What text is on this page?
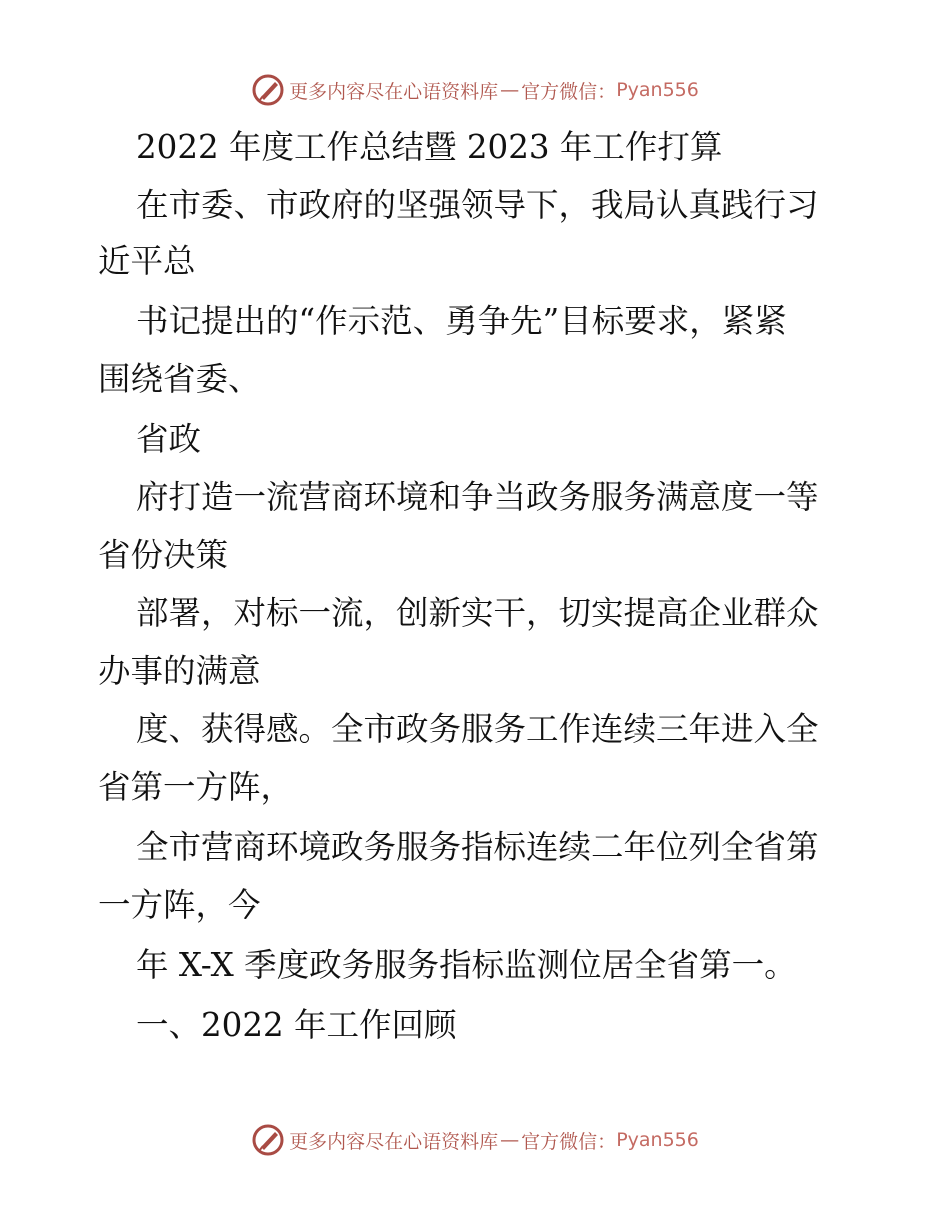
更多内容尽在心语资料库 — 官方微信 ： Pyan556
2022 年度工作总结暨 2023 年工作打算
在市委、市政府的坚强领导下，我局认真践行习
近平总
书记提出的“作示范、勇争先”目标要求，紧紧
围绕省委、
省政
府打造一流营商环境和争当政务服务满意度一等
省份决策
部署，对标一流，创新实干，切实提高企业群众
办事的满意
度、获得感。全市政务服务工作连续三年进入全
省第一方阵，
全市营商环境政务服务指标连续二年位列全省第
一方阵，今
年 X-X 季度政务服务指标监测位居全省第一。
一、2022 年工作回顾
更多内容尽在心语资料库 — 官方微信 ： Pyan556
